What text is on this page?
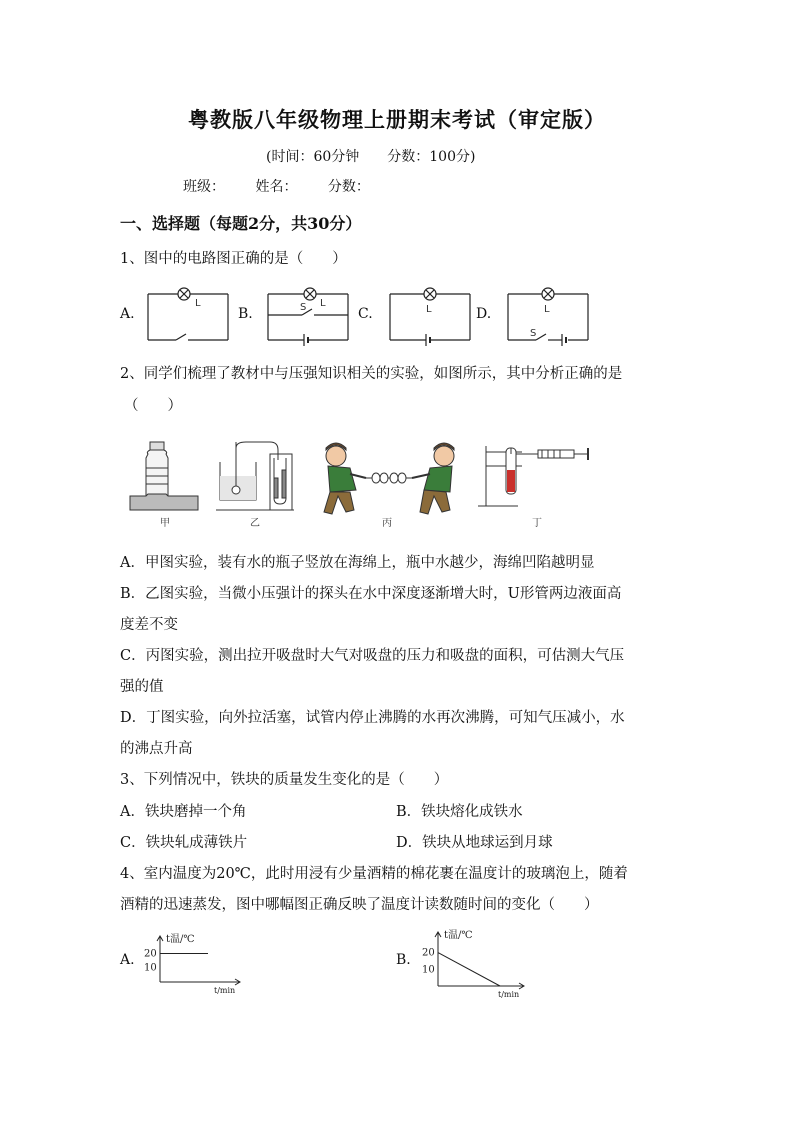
粤教版八年级物理上册期末考试（审定版）
(时间：60分钟　　分数：100分)
班级： 姓名： 分数：
一、选择题（每题2分，共30分）
1、图中的电路图正确的是（　　）
A.	B.	C.	D.
L	S L
L	L
S
2、同学们梳理了教材中与压强知识相关的实验，如图所示，其中分析正确的是
（　　）
甲	乙	丙	丁
A．甲图实验，装有水的瓶子竖放在海绵上，瓶中水越少，海绵凹陷越明显
B．乙图实验，当微小压强计的探头在水中深度逐渐增大时，U形管两边液面高
度差不变
C．丙图实验，测出拉开吸盘时大气对吸盘的压力和吸盘的面积，可估测大气压
强的值
D．丁图实验，向外拉活塞，试管内停止沸腾的水再次沸腾，可知气压减小，水
的沸点升高
3、下列情况中，铁块的质量发生变化的是（　　）
A．铁块磨掉一个角	B．铁块熔化成铁水
C．铁块轧成薄铁片	D．铁块从地球运到月球
4、室内温度为20℃，此时用浸有少量酒精的棉花裹在温度计的玻璃泡上，随着
酒精的迅速蒸发，图中哪幅图正确反映了温度计读数随时间的变化（　　）
A.	B.
10
20
t温/℃
t/min
10
20
t温/℃
t/min
